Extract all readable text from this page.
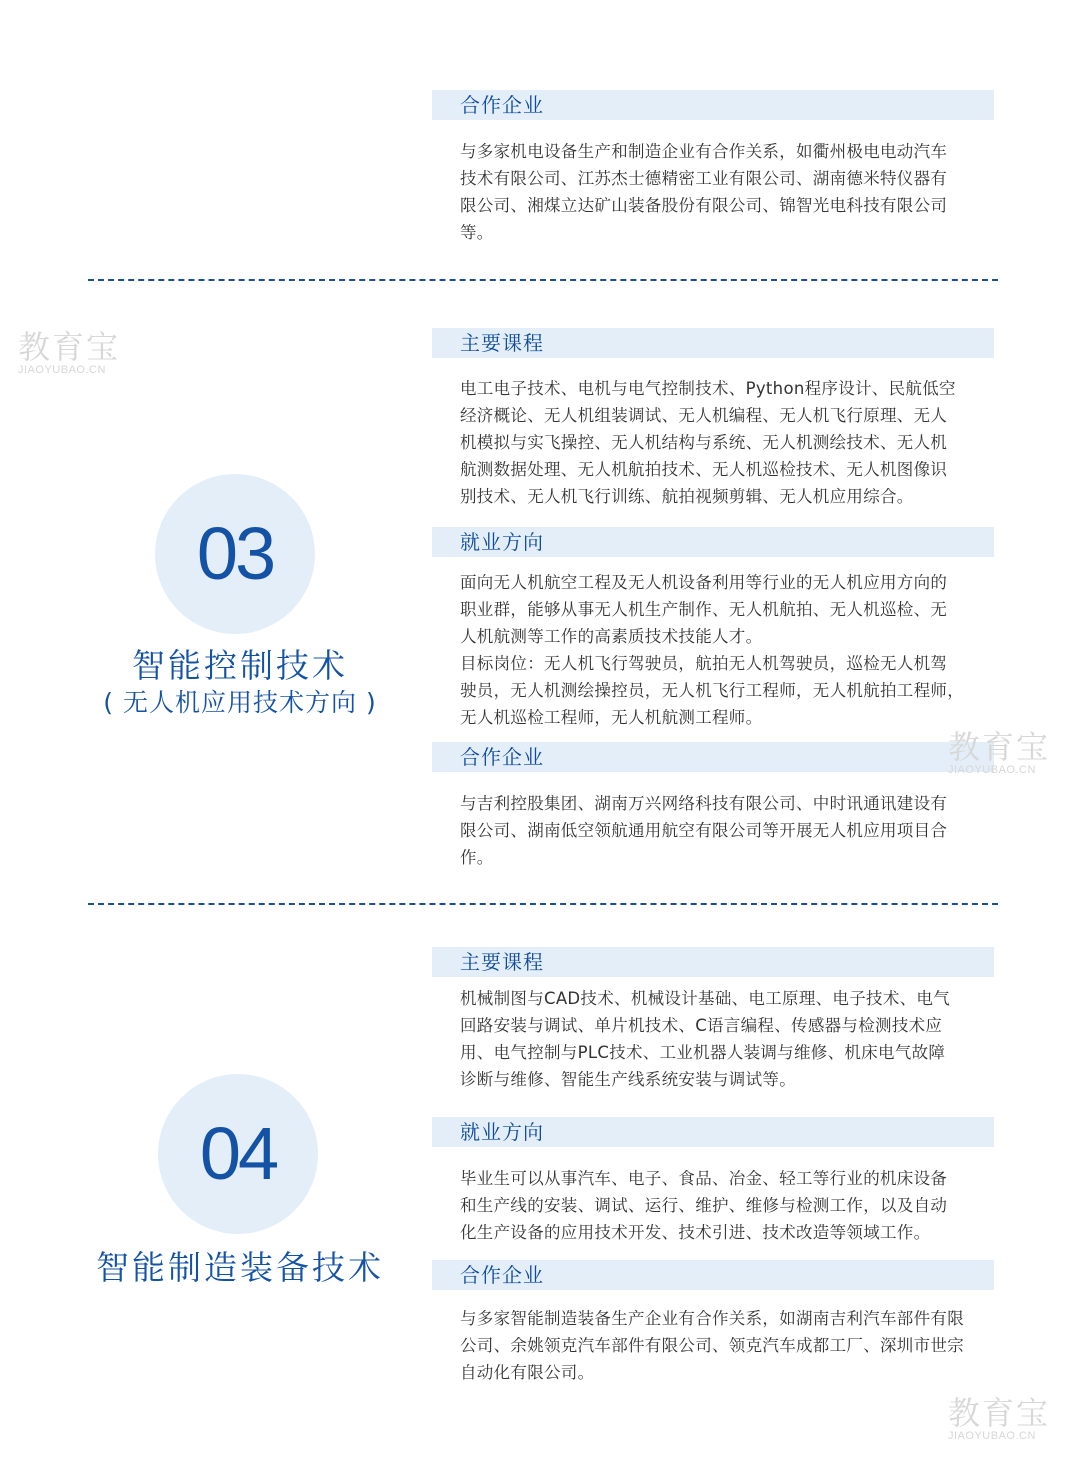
合作企业
与多家机电设备生产和制造企业有合作关系，如衢州极电电动汽车
技术有限公司、江苏杰士德精密工业有限公司、湖南德米特仪器有
限公司、湘煤立达矿山装备股份有限公司、锦智光电科技有限公司
等。
教育宝
JIAOYUBAO.CN
03
智能控制技术
( 无人机应用技术方向 )
主要课程
电工电子技术、电机与电气控制技术、Python程序设计、民航低空
经济概论、无人机组装调试、无人机编程、无人机飞行原理、无人
机模拟与实飞操控、无人机结构与系统、无人机测绘技术、无人机
航测数据处理、无人机航拍技术、无人机巡检技术、无人机图像识
别技术、无人机飞行训练、航拍视频剪辑、无人机应用综合。
就业方向
面向无人机航空工程及无人机设备利用等行业的无人机应用方向的
职业群，能够从事无人机生产制作、无人机航拍、无人机巡检、无
人机航测等工作的高素质技术技能人才。
目标岗位：无人机飞行驾驶员，航拍无人机驾驶员，巡检无人机驾
驶员，无人机测绘操控员，无人机飞行工程师，无人机航拍工程师，
无人机巡检工程师，无人机航测工程师。
合作企业
与吉利控股集团、湖南万兴网络科技有限公司、中时讯通讯建设有
限公司、湖南低空领航通用航空有限公司等开展无人机应用项目合
作。
教育宝
JIAOYUBAO.CN
04
智能制造装备技术
主要课程
机械制图与CAD技术、机械设计基础、电工原理、电子技术、电气
回路安装与调试、单片机技术、C语言编程、传感器与检测技术应
用、电气控制与PLC技术、工业机器人装调与维修、机床电气故障
诊断与维修、智能生产线系统安装与调试等。
就业方向
毕业生可以从事汽车、电子、食品、冶金、轻工等行业的机床设备
和生产线的安装、调试、运行、维护、维修与检测工作，以及自动
化生产设备的应用技术开发、技术引进、技术改造等领域工作。
合作企业
与多家智能制造装备生产企业有合作关系，如湖南吉利汽车部件有限
公司、余姚领克汽车部件有限公司、领克汽车成都工厂、深圳市世宗
自动化有限公司。
教育宝
JIAOYUBAO.CN
